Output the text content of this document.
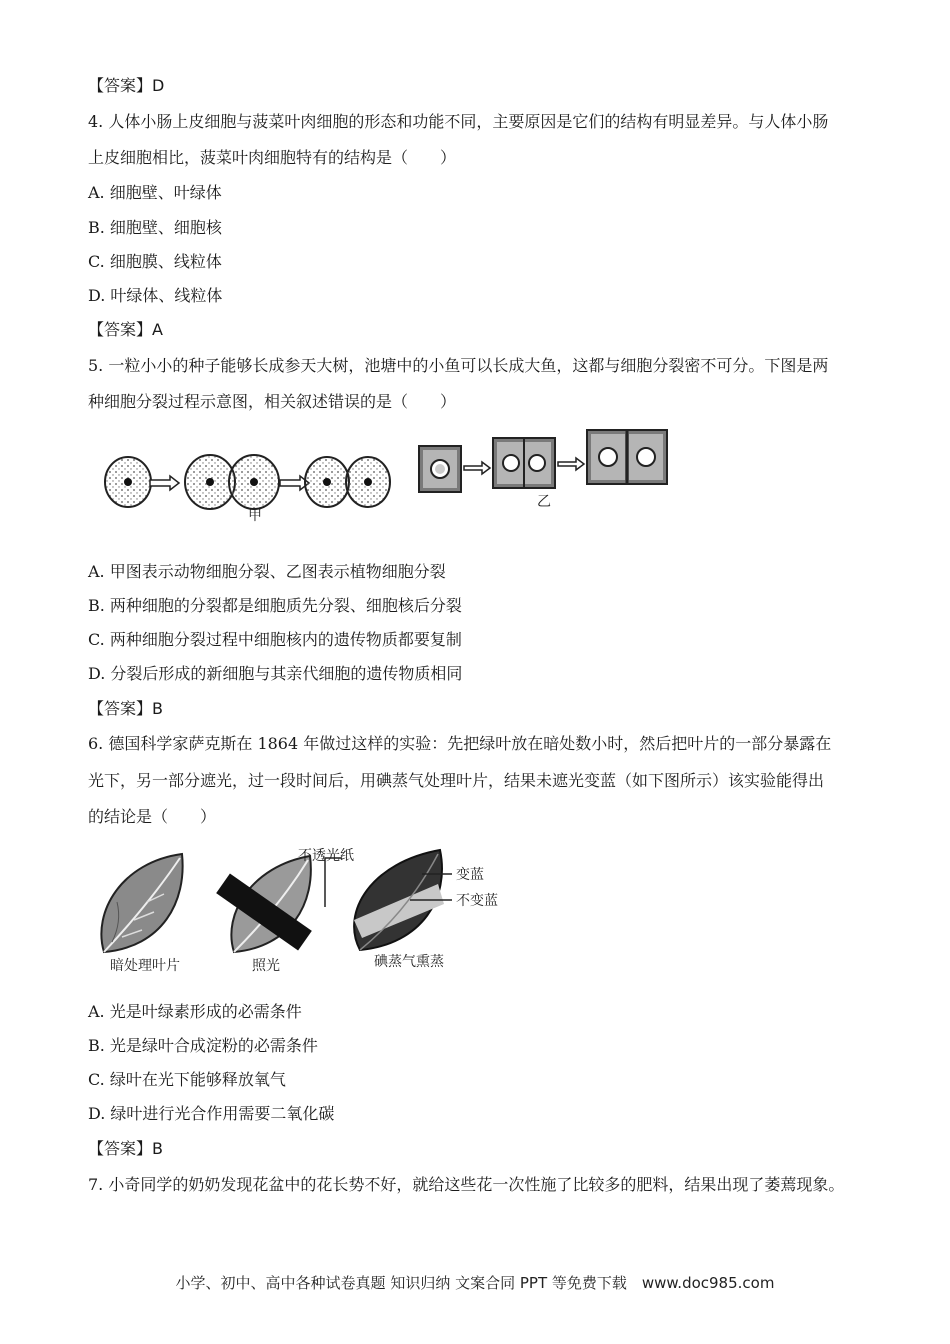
【答案】D
4. 人体小肠上皮细胞与菠菜叶肉细胞的形态和功能不同，主要原因是它们的结构有明显差异。与人体小肠
上皮细胞相比，菠菜叶肉细胞特有的结构是（　　）
A. 细胞壁、叶绿体
B. 细胞壁、细胞核
C. 细胞膜、线粒体
D. 叶绿体、线粒体
【答案】A
5. 一粒小小的种子能够长成参天大树，池塘中的小鱼可以长成大鱼，这都与细胞分裂密不可分。下图是两
种细胞分裂过程示意图，相关叙述错误的是（　　）
甲
乙
A. 甲图表示动物细胞分裂、乙图表示植物细胞分裂
B. 两种细胞的分裂都是细胞质先分裂、细胞核后分裂
C. 两种细胞分裂过程中细胞核内的遗传物质都要复制
D. 分裂后形成的新细胞与其亲代细胞的遗传物质相同
【答案】B
6. 德国科学家萨克斯在 1864 年做过这样的实验：先把绿叶放在暗处数小时，然后把叶片的一部分暴露在
光下，另一部分遮光，过一段时间后，用碘蒸气处理叶片，结果未遮光变蓝（如下图所示）该实验能得出
的结论是（　　）
暗处理叶片
不透光纸
照光
变蓝
不变蓝
碘蒸气熏蒸
A. 光是叶绿素形成的必需条件
B. 光是绿叶合成淀粉的必需条件
C. 绿叶在光下能够释放氧气
D. 绿叶进行光合作用需要二氧化碳
【答案】B
7. 小奇同学的奶奶发现花盆中的花长势不好，就给这些花一次性施了比较多的肥料，结果出现了萎蔫现象。
小学、初中、高中各种试卷真题 知识归纳 文案合同 PPT 等免费下载　www.doc985.com
